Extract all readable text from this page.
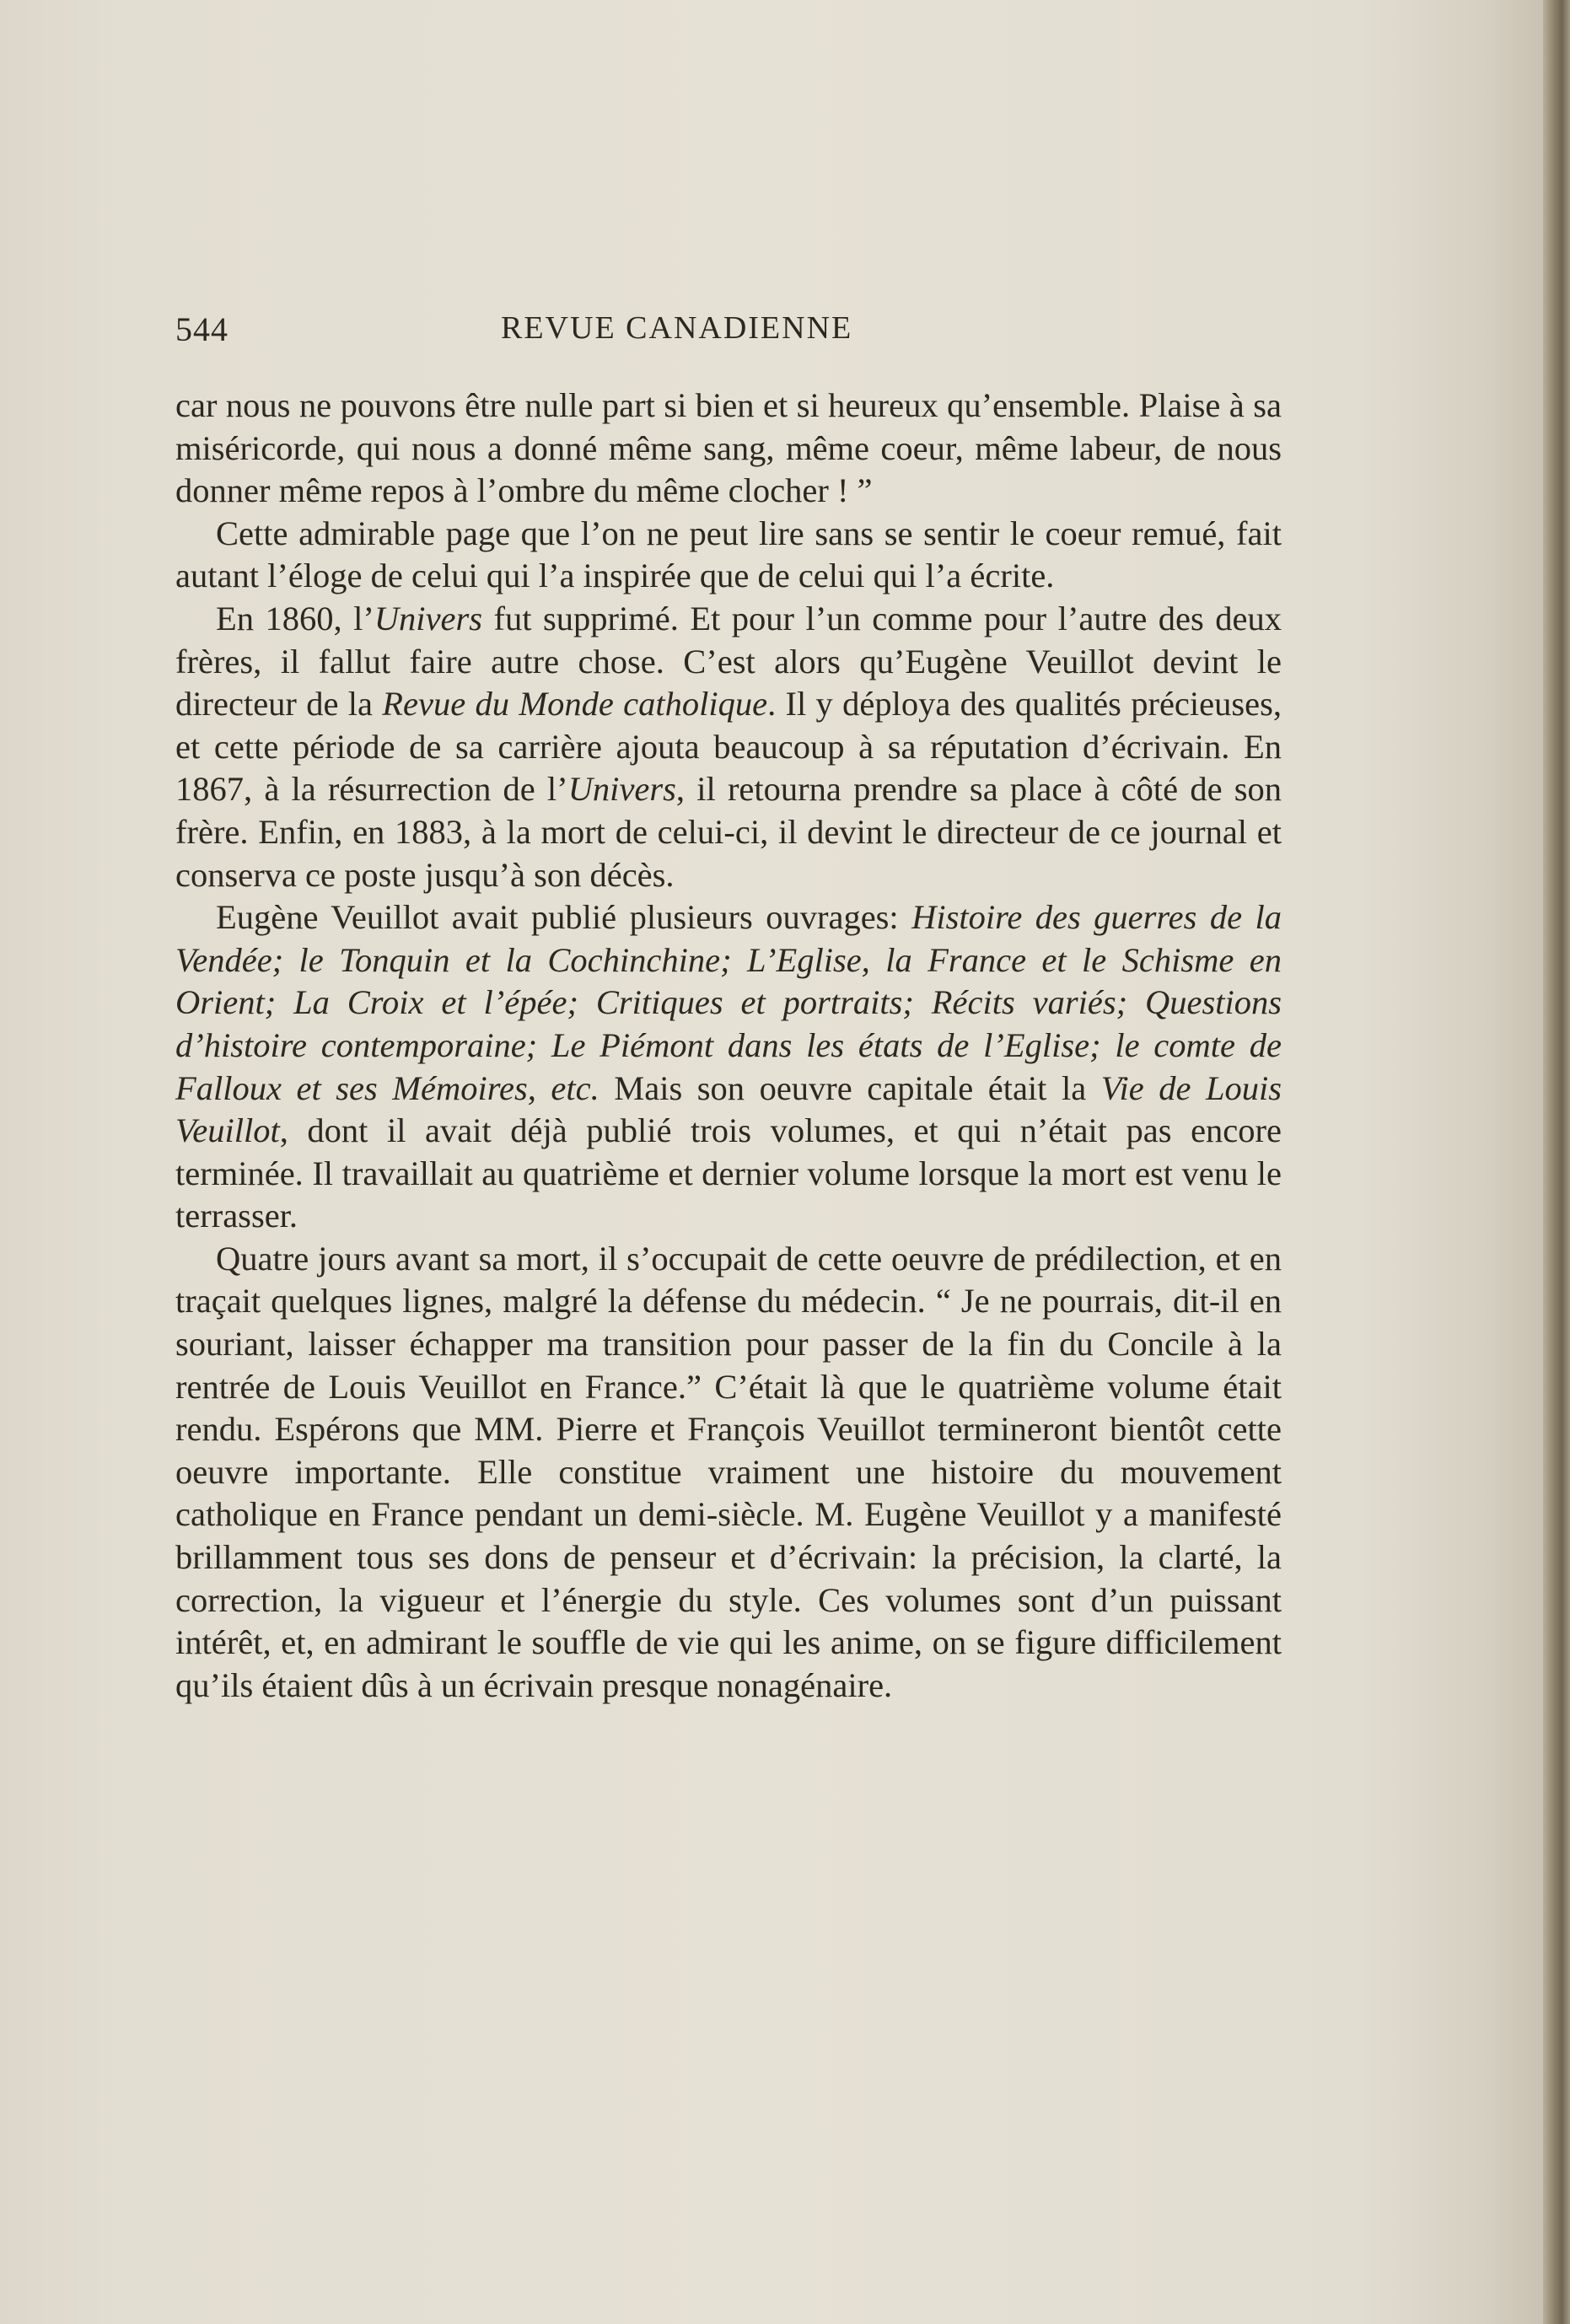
544	REVUE CANADIENNE

car nous ne pouvons être nulle part si bien et si heureux qu’ensemble. Plaise à sa miséricorde, qui nous a donné même sang, même coeur, même labeur, de nous donner même repos à l’ombre du même clocher ! ”

Cette admirable page que l’on ne peut lire sans se sentir le coeur remué, fait autant l’éloge de celui qui l’a inspirée que de celui qui l’a écrite.

En 1860, l’Univers fut supprimé. Et pour l’un comme pour l’autre des deux frères, il fallut faire autre chose. C’est alors qu’Eugène Veuillot devint le directeur de la Revue du Monde catholique. Il y déploya des qualités précieuses, et cette période de sa carrière ajouta beaucoup à sa réputation d’écrivain. En 1867, à la résurrection de l’Univers, il retourna prendre sa place à côté de son frère. Enfin, en 1883, à la mort de celui-ci, il devint le directeur de ce journal et conserva ce poste jusqu’à son décès.

Eugène Veuillot avait publié plusieurs ouvrages: Histoire des guerres de la Vendée; le Tonquin et la Cochinchine; L’Eglise, la France et le Schisme en Orient; La Croix et l’épée; Critiques et portraits; Récits variés; Questions d’histoire contemporaine; Le Piémont dans les états de l’Eglise; le comte de Falloux et ses Mémoires, etc. Mais son oeuvre capitale était la Vie de Louis Veuillot, dont il avait déjà publié trois volumes, et qui n’était pas encore terminée. Il travaillait au quatrième et dernier volume lorsque la mort est venu le terrasser.

Quatre jours avant sa mort, il s’occupait de cette oeuvre de prédilection, et en traçait quelques lignes, malgré la défense du médecin. “ Je ne pourrais, dit-il en souriant, laisser échapper ma transition pour passer de la fin du Concile à la rentrée de Louis Veuillot en France.” C’était là que le quatrième volume était rendu. Espérons que MM. Pierre et François Veuillot termineront bientôt cette oeuvre importante. Elle constitue vraiment une histoire du mouvement catholique en France pendant un demi-siècle. M. Eugène Veuillot y a manifesté brillamment tous ses dons de penseur et d’écrivain: la précision, la clarté, la correction, la vigueur et l’énergie du style. Ces volumes sont d’un puissant intérêt, et, en admirant le souffle de vie qui les anime, on se figure difficilement qu’ils étaient dûs à un écrivain presque nonagénaire.
